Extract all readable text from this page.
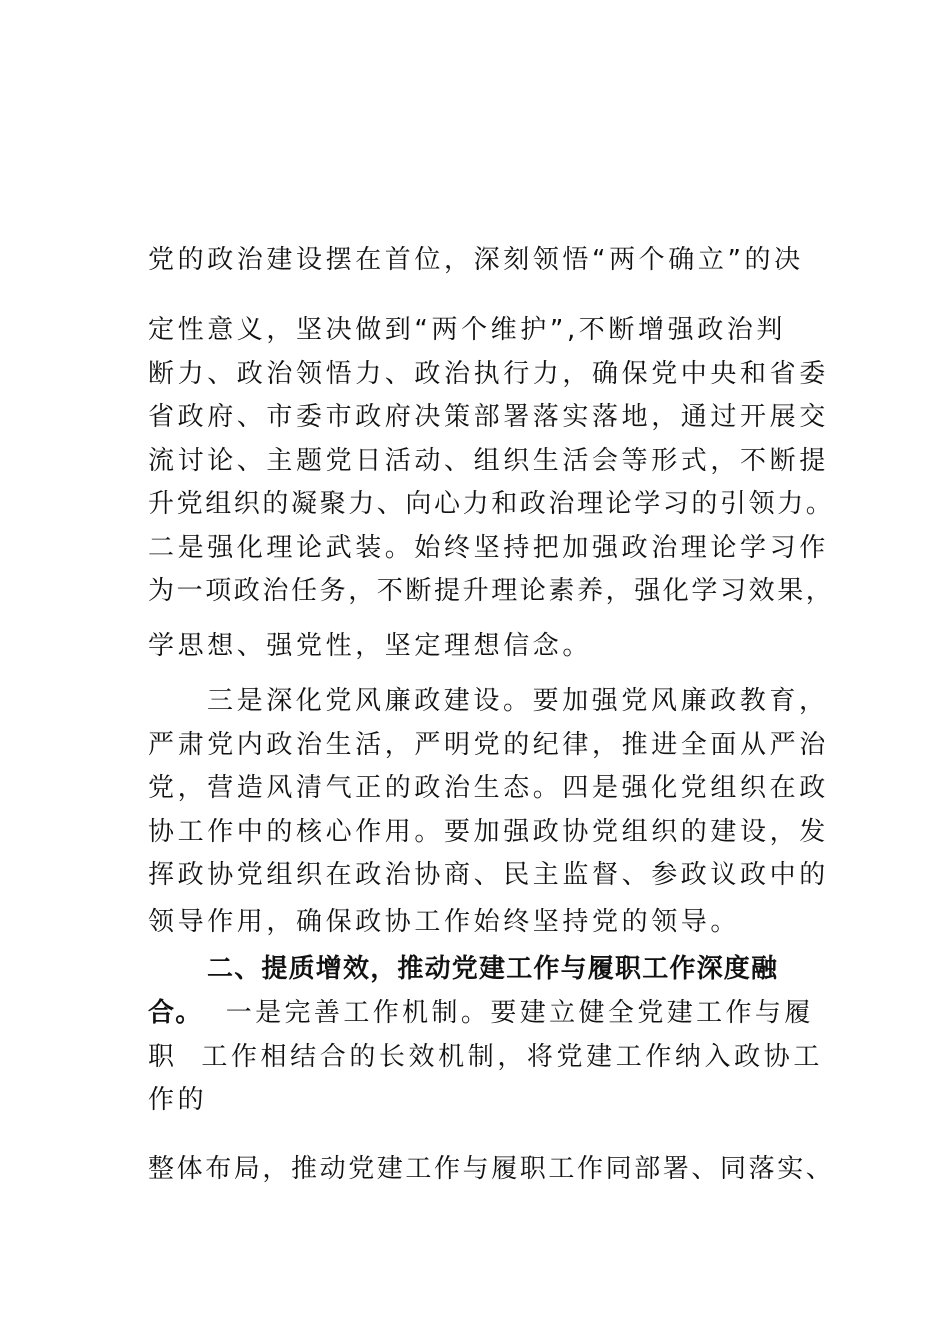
党的政治建设摆在首位，深刻领悟“两个确立”的决
定性意义，坚决做到“两个维护”,不断增强政治判
断力、政治领悟力、政治执行力，确保党中央和省委
省政府、市委市政府决策部署落实落地，通过开展交
流讨论、主题党日活动、组织生活会等形式，不断提
升党组织的凝聚力、向心力和政治理论学习的引领力。
二是强化理论武装。始终坚持把加强政治理论学习作
为一项政治任务，不断提升理论素养，强化学习效果，
学思想、强党性，坚定理想信念。
三是深化党风廉政建设。要加强党风廉政教育，
严肃党内政治生活，严明党的纪律，推进全面从严治
党，营造风清气正的政治生态。四是强化党组织在政
协工作中的核心作用。要加强政协党组织的建设，发
挥政协党组织在政治协商、民主监督、参政议政中的
领导作用，确保政协工作始终坚持党的领导。
二、提质增效，推动党建工作与履职工作深度融
合。  一是完善工作机制。要建立健全党建工作与履
职  工作相结合的长效机制，将党建工作纳入政协工
作的
整体布局，推动党建工作与履职工作同部署、同落实、
